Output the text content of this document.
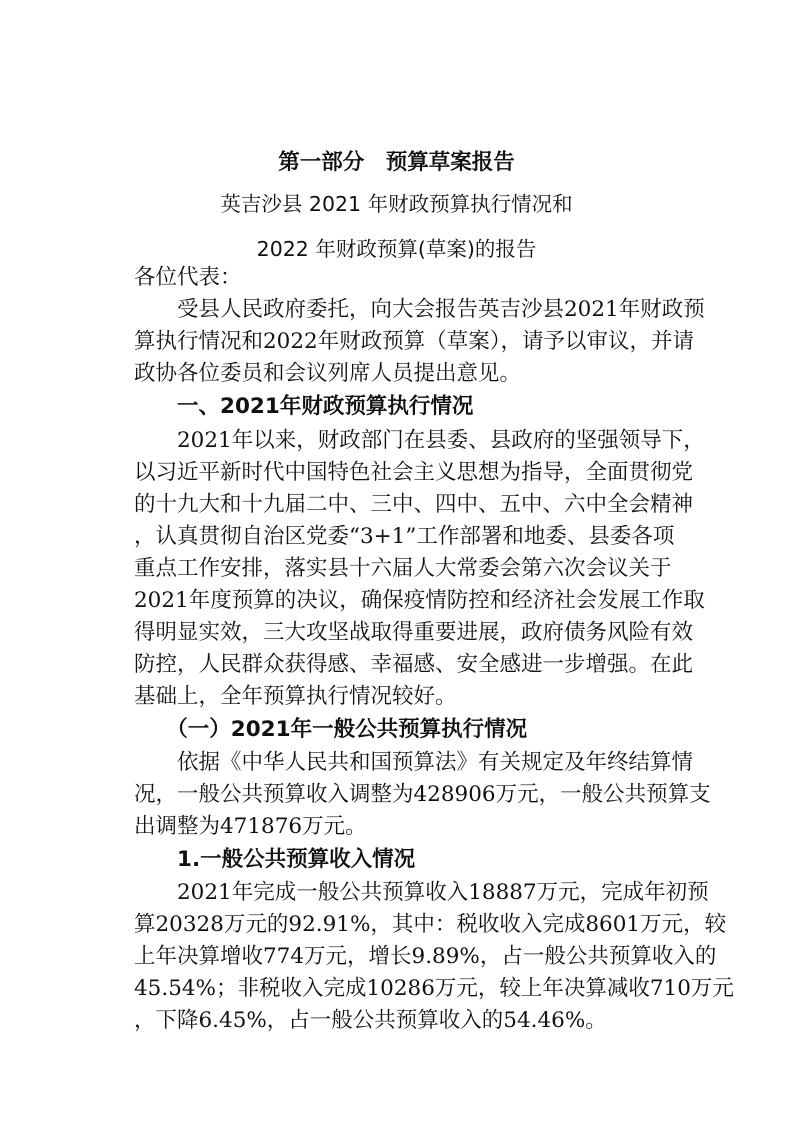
第一部分　预算草案报告
英吉沙县 2021 年财政预算执行情况和
2022 年财政预算(草案)的报告
各位代表：
　　受县人民政府委托，向大会报告英吉沙县2021年财政预
算执行情况和2022年财政预算（草案），请予以审议，并请
政协各位委员和会议列席人员提出意见。
　　一、2021年财政预算执行情况
　　2021年以来，财政部门在县委、县政府的坚强领导下，
以习近平新时代中国特色社会主义思想为指导，全面贯彻党
的十九大和十九届二中、三中、四中、五中、六中全会精神
，认真贯彻自治区党委“3+1”工作部署和地委、县委各项
重点工作安排，落实县十六届人大常委会第六次会议关于
2021年度预算的决议，确保疫情防控和经济社会发展工作取
得明显实效，三大攻坚战取得重要进展，政府债务风险有效
防控，人民群众获得感、幸福感、安全感进一步增强。在此
基础上，全年预算执行情况较好。
　　（一）2021年一般公共预算执行情况
　　依据《中华人民共和国预算法》有关规定及年终结算情
况，一般公共预算收入调整为428906万元，一般公共预算支
出调整为471876万元。
　　1.一般公共预算收入情况
　　2021年完成一般公共预算收入18887万元，完成年初预
算20328万元的92.91%，其中：税收收入完成8601万元，较
上年决算增收774万元，增长9.89%，占一般公共预算收入的
45.54%；非税收入完成10286万元，较上年决算减收710万元
，下降6.45%，占一般公共预算收入的54.46%。
